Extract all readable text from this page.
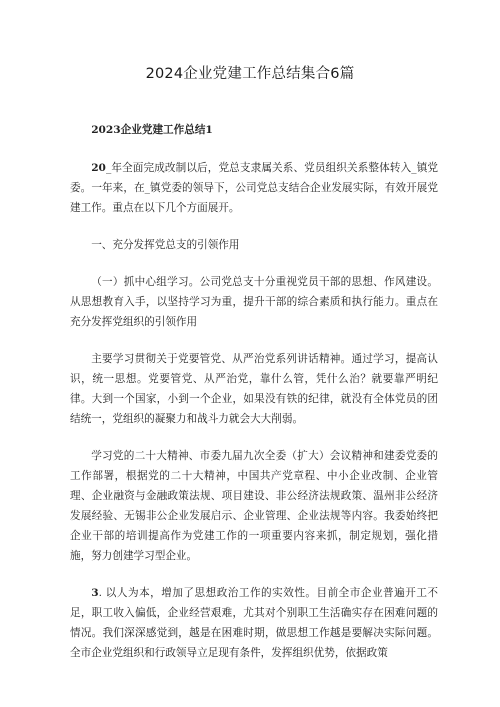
2024企业党建工作总结集合6篇

2023企业党建工作总结1

20_年全面完成改制以后，党总支隶属关系、党员组织关系整体转入_镇党委。一年来，在_镇党委的领导下，公司党总支结合企业发展实际，有效开展党建工作。重点在以下几个方面展开。

一、充分发挥党总支的引领作用

（一）抓中心组学习。公司党总支十分重视党员干部的思想、作风建设。从思想教育入手，以坚持学习为重，提升干部的综合素质和执行能力。重点在充分发挥党组织的引领作用

主要学习贯彻关于党要管党、从严治党系列讲话精神。通过学习，提高认识，统一思想。党要管党、从严治党，靠什么管，凭什么治？就要靠严明纪律。大到一个国家，小到一个企业，如果没有铁的纪律，就没有全体党员的团结统一，党组织的凝聚力和战斗力就会大大削弱。

学习党的二十大精神、市委九届九次全委（扩大）会议精神和建委党委的工作部署，根据党的二十大精神，中国共产党章程、中小企业改制、企业管理、企业融资与金融政策法规、项目建设、非公经济法规政策、温州非公经济发展经验、无锡非公企业发展启示、企业管理、企业法规等内容。我委始终把企业干部的培训提高作为党建工作的一项重要内容来抓，制定规划，强化措施，努力创建学习型企业。

3. 以人为本，增加了思想政治工作的实效性。目前全市企业普遍开工不足，职工收入偏低，企业经营艰难，尤其对个别职工生活确实存在困难问题的情况。我们深深感觉到，越是在困难时期，做思想工作越是要解决实际问题。全市企业党组织和行政领导立足现有条件，发挥组织优势，依据政策
